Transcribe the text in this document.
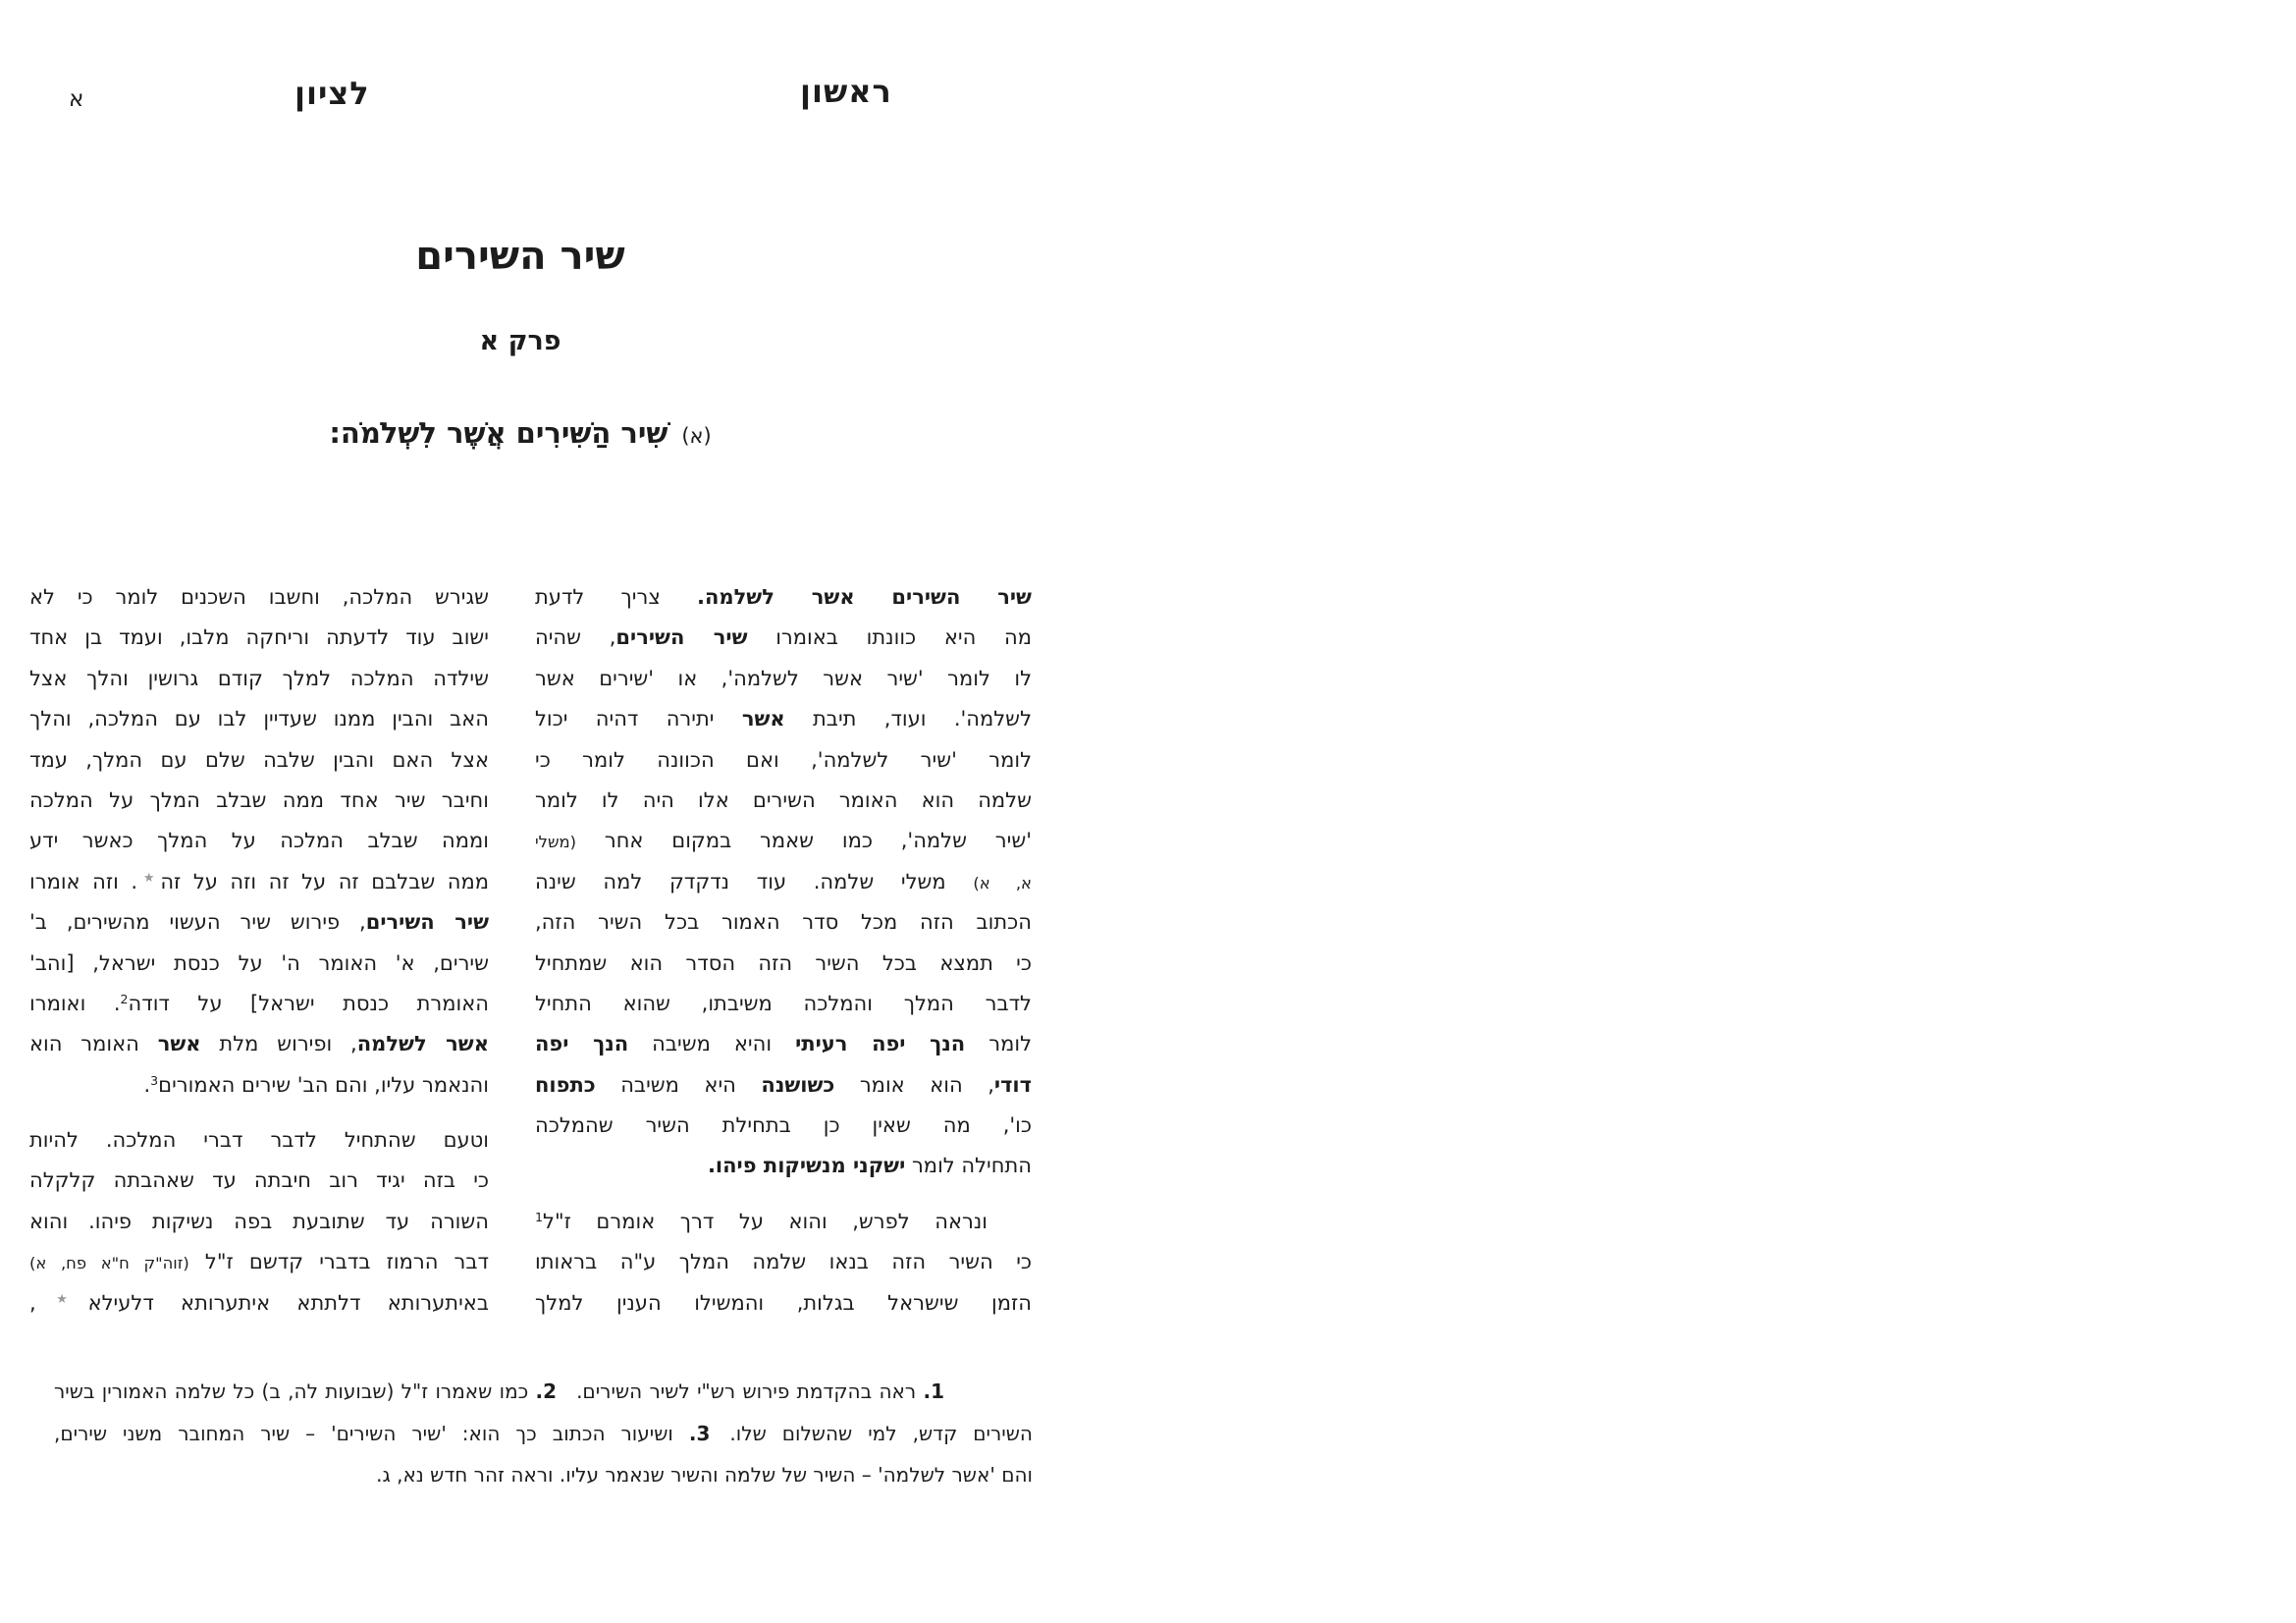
א	לציון	ראשון
שיר השירים
פרק א
(א)שִׁיר הַשִּׁירִים אֲשֶׁר לִשְׁלֹמֹה:
שיר השירים אשר לשלמה. צריך לדעת
מה היא כוונתו באומרו שיר השירים, שהיה
לו לומר 'שיר אשר לשלמה', או 'שירים אשר
לשלמה'. ועוד, תיבת אשר יתירה דהיה יכול
לומר 'שיר לשלמה', ואם הכוונה לומר כי
שלמה הוא האומר השירים אלו היה לו לומר
'שיר שלמה', כמו שאמר במקום אחר (משלי
א, א) משלי שלמה. עוד נדקדק למה שינה
הכתוב הזה מכל סדר האמור בכל השיר הזה,
כי תמצא בכל השיר הזה הסדר הוא שמתחיל
לדבר המלך והמלכה משיבתו, שהוא התחיל
לומר הנך יפה רעיתי והיא משיבה הנך יפה
דודי, הוא אומר כשושנה היא משיבה כתפוח
כו', מה שאין כן בתחילת השיר שהמלכה
התחילה לומר ישקני מנשיקות פיהו.
ונראה לפרש, והוא על דרך אומרם ז"ל$^1$
כי השיר הזה בנאו שלמה המלך ע"ה בראותו
הזמן שישראל בגלות, והמשילו הענין למלך
שגירש המלכה, וחשבו השכנים לומר כי לא
ישוב עוד לדעתה וריחקה מלבו, ועמד בן אחד
שילדה המלכה למלך קודם גרושין והלך אצל
האב והבין ממנו שעדיין לבו עם המלכה, והלך
אצל האם והבין שלבה שלם עם המלך, עמד
וחיבר שיר אחד ממה שבלב המלך על המלכה
וממה שבלב המלכה על המלך כאשר ידע
ממה שבלבם זה על זה וזה על זה★. וזה אומרו
שיר השירים, פירוש שיר העשוי מהשירים, ב'
שירים, א' האומר ה' על כנסת ישראל, [והב'
האומרת כנסת ישראל] על דודה$^2$. ואומרו
אשר לשלמה, ופירוש מלת אשר האומר הוא
והנאמר עליו, והם הב' שירים האמורים$^3$.
וטעם שהתחיל לדבר דברי המלכה. להיות
כי בזה יגיד רוב חיבתה עד שאהבתה קלקלה
השורה עד שתובעת בפה נשיקות פיהו. והוא
דבר הרמוז בדברי קדשם ז"ל (זוה"ק ח"א פח, א)
באיתערותא דלתתא איתערותא דלעילא★,
1. ראה בהקדמת פירוש רש"י לשיר השירים. 2. כמו שאמרו ז"ל (שבועות לה, ב) כל שלמה האמורין בשיר
השירים קדש, למי שהשלום שלו. 3. ושיעור הכתוב כך הוא: 'שיר השירים' – שיר המחובר משני שירים,
והם 'אשר לשלמה' – השיר של שלמה והשיר שנאמר עליו. וראה זהר חדש נא, ג.
